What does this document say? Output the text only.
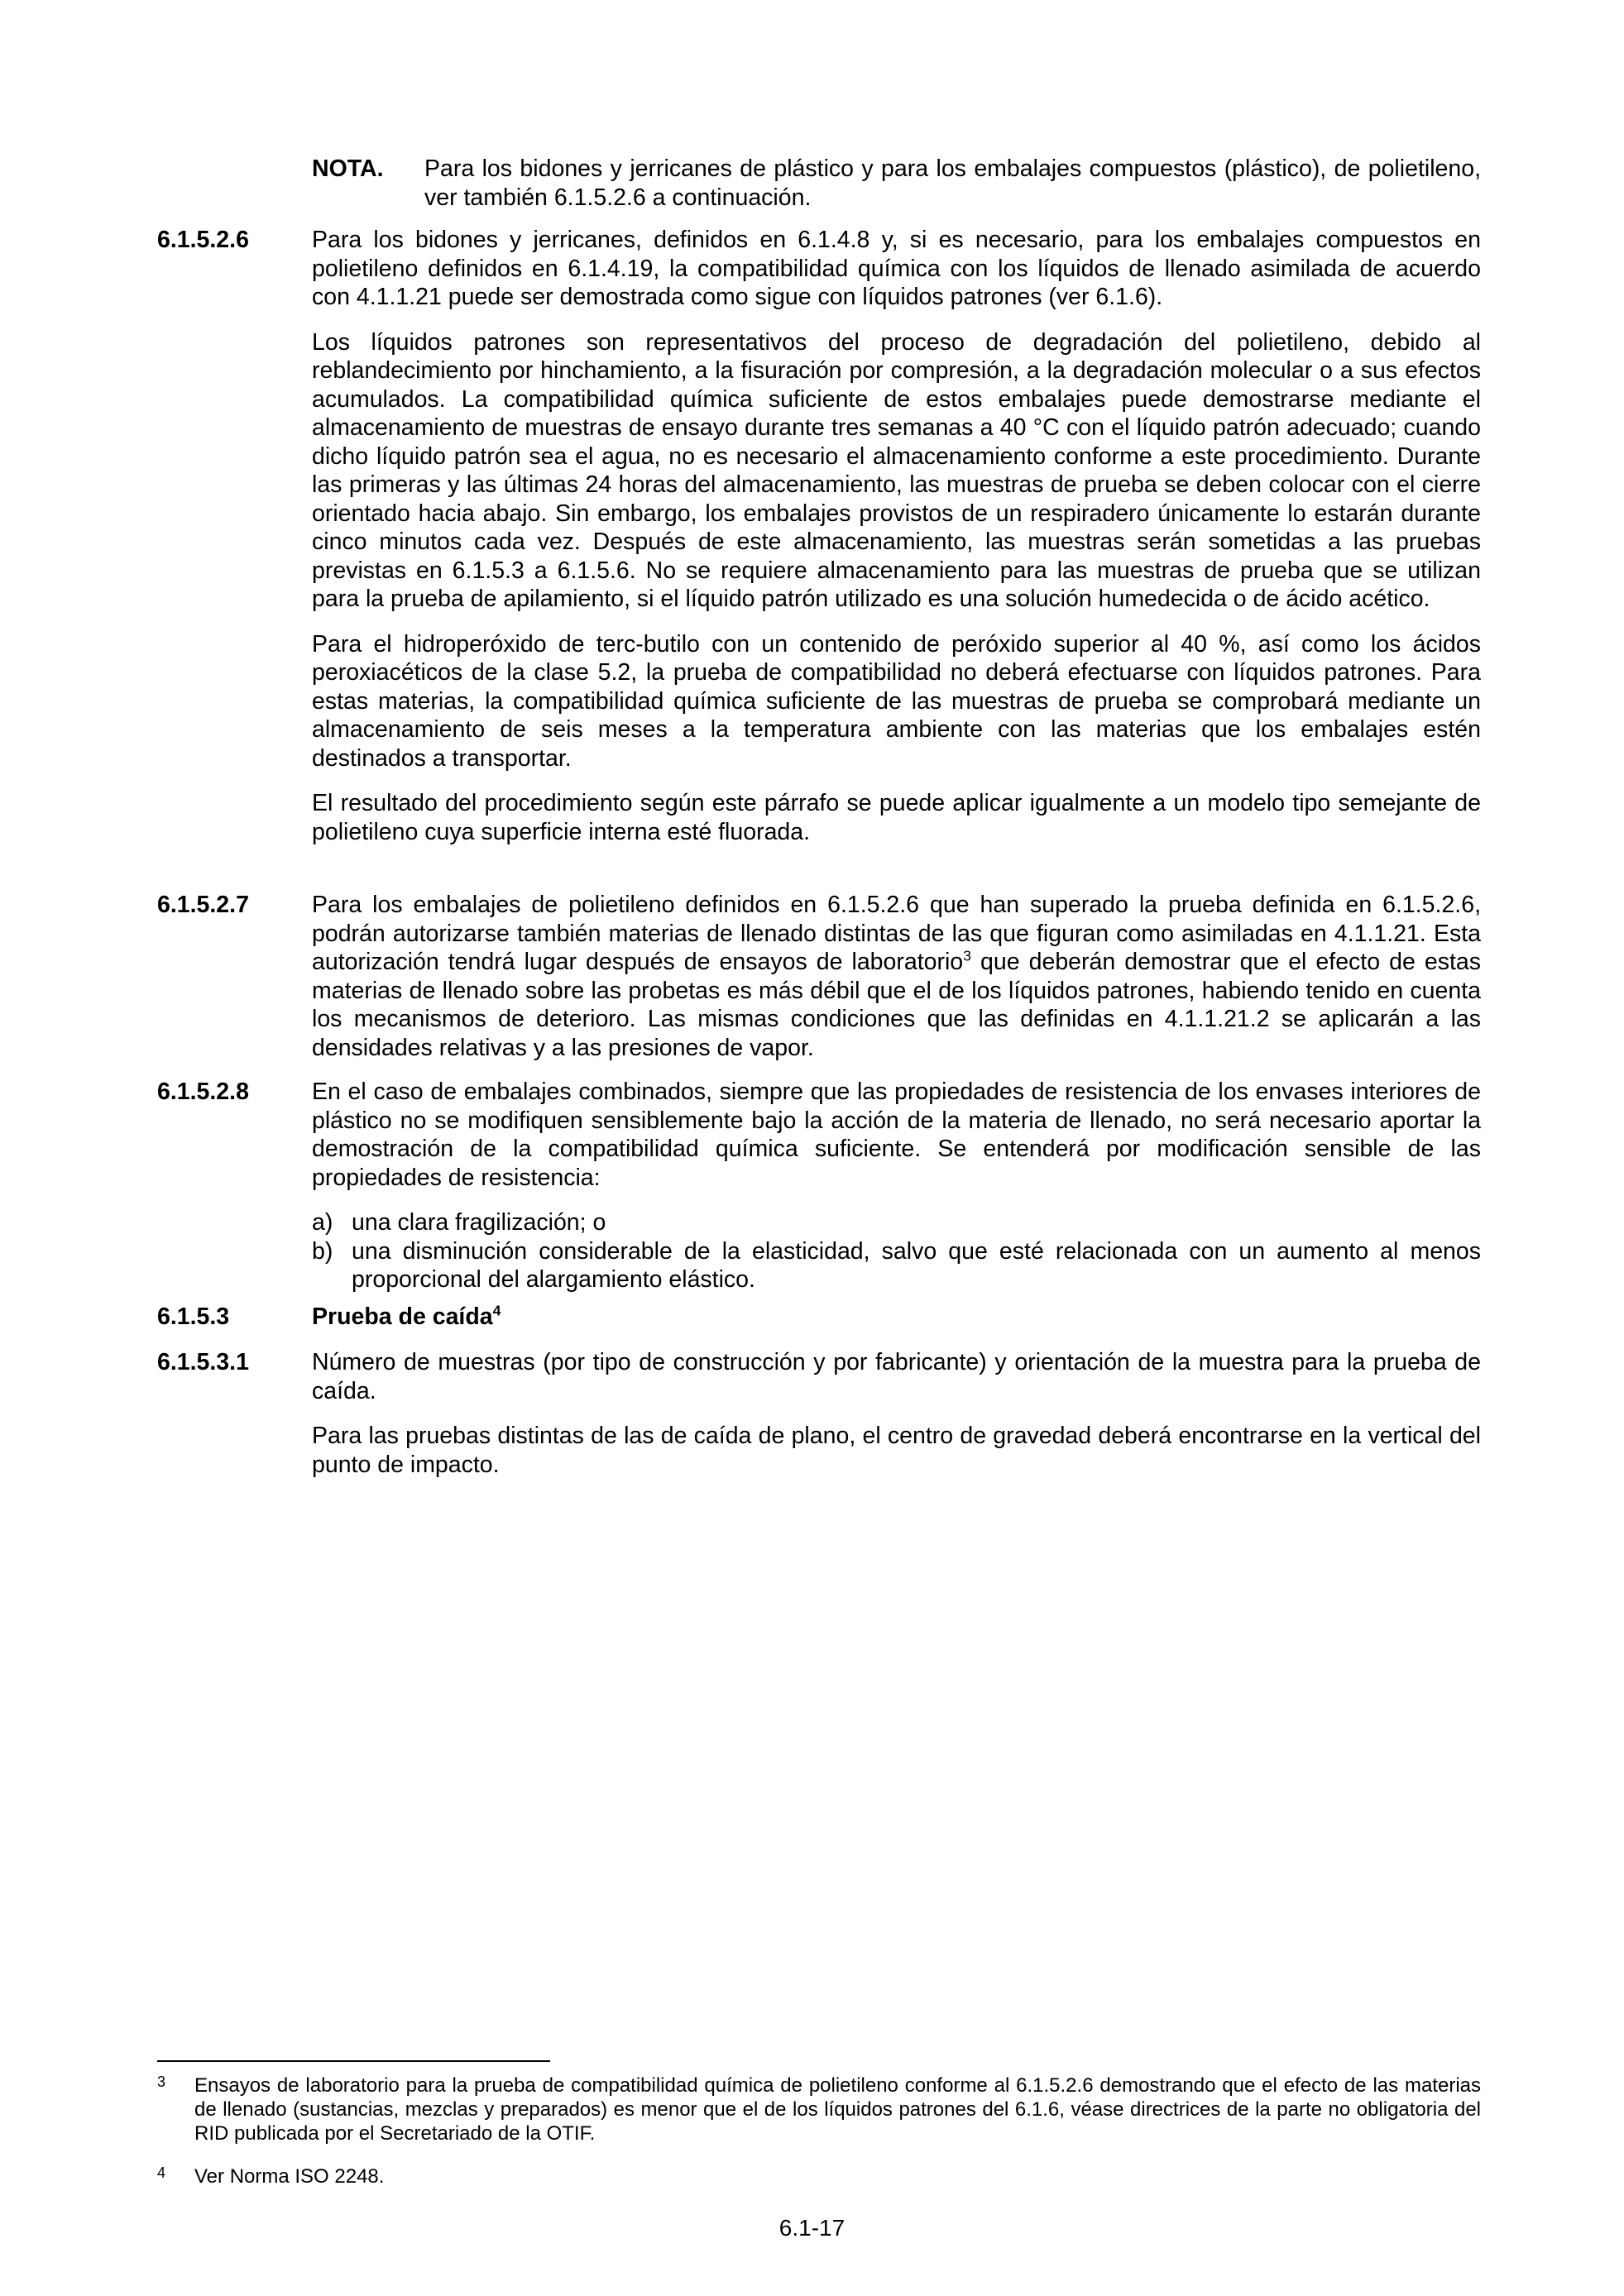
NOTA. Para los bidones y jerricanes de plástico y para los embalajes compuestos (plástico), de polietileno, ver también 6.1.5.2.6 a continuación.
6.1.5.2.6	Para los bidones y jerricanes, definidos en 6.1.4.8 y, si es necesario, para los embalajes compuestos en polietileno definidos en 6.1.4.19, la compatibilidad química con los líquidos de llenado asimilada de acuerdo con 4.1.1.21 puede ser demostrada como sigue con líquidos patrones (ver 6.1.6).

Los líquidos patrones son representativos del proceso de degradación del polietileno, debido al reblandecimiento por hinchamiento, a la fisuración por compresión, a la degradación molecular o a sus efectos acumulados. La compatibilidad química suficiente de estos embalajes puede demostrarse mediante el almacenamiento de muestras de ensayo durante tres semanas a 40 °C con el líquido patrón adecuado; cuando dicho líquido patrón sea el agua, no es necesario el almacenamiento conforme a este procedimiento. Durante las primeras y las últimas 24 horas del almacenamiento, las muestras de prueba se deben colocar con el cierre orientado hacia abajo. Sin embargo, los embalajes provistos de un respiradero únicamente lo estarán durante cinco minutos cada vez. Después de este almacenamiento, las muestras serán sometidas a las pruebas previstas en 6.1.5.3 a 6.1.5.6. No se requiere almacenamiento para las muestras de prueba que se utilizan para la prueba de apilamiento, si el líquido patrón utilizado es una solución humedecida o de ácido acético.

Para el hidroperóxido de terc-butilo con un contenido de peróxido superior al 40 %, así como los ácidos peroxiacéticos de la clase 5.2, la prueba de compatibilidad no deberá efectuarse con líquidos patrones. Para estas materias, la compatibilidad química suficiente de las muestras de prueba se comprobará mediante un almacenamiento de seis meses a la temperatura ambiente con las materias que los embalajes estén destinados a transportar.

El resultado del procedimiento según este párrafo se puede aplicar igualmente a un modelo tipo semejante de polietileno cuya superficie interna esté fluorada.

6.1.5.2.7	Para los embalajes de polietileno definidos en 6.1.5.2.6 que han superado la prueba definida en 6.1.5.2.6, podrán autorizarse también materias de llenado distintas de las que figuran como asimiladas en 4.1.1.21. Esta autorización tendrá lugar después de ensayos de laboratorio$^3$ que deberán demostrar que el efecto de estas materias de llenado sobre las probetas es más débil que el de los líquidos patrones, habiendo tenido en cuenta los mecanismos de deterioro. Las mismas condiciones que las definidas en 4.1.1.21.2 se aplicarán a las densidades relativas y a las presiones de vapor.

6.1.5.2.8	En el caso de embalajes combinados, siempre que las propiedades de resistencia de los envases interiores de plástico no se modifiquen sensiblemente bajo la acción de la materia de llenado, no será necesario aportar la demostración de la compatibilidad química suficiente. Se entenderá por modificación sensible de las propiedades de resistencia:

a) una clara fragilización; o
b) una disminución considerable de la elasticidad, salvo que esté relacionada con un aumento al menos proporcional del alargamiento elástico.
6.1.5.3	Prueba de caída$^4$
6.1.5.3.1	Número de muestras (por tipo de construcción y por fabricante) y orientación de la muestra para la prueba de caída.

Para las pruebas distintas de las de caída de plano, el centro de gravedad deberá encontrarse en la vertical del punto de impacto.

3 Ensayos de laboratorio para la prueba de compatibilidad química de polietileno conforme al 6.1.5.2.6 demostrando que el efecto de las materias de llenado (sustancias, mezclas y preparados) es menor que el de los líquidos patrones del 6.1.6, véase directrices de la parte no obligatoria del RID publicada por el Secretariado de la OTIF.
4 Ver Norma ISO 2248.
6.1-17
